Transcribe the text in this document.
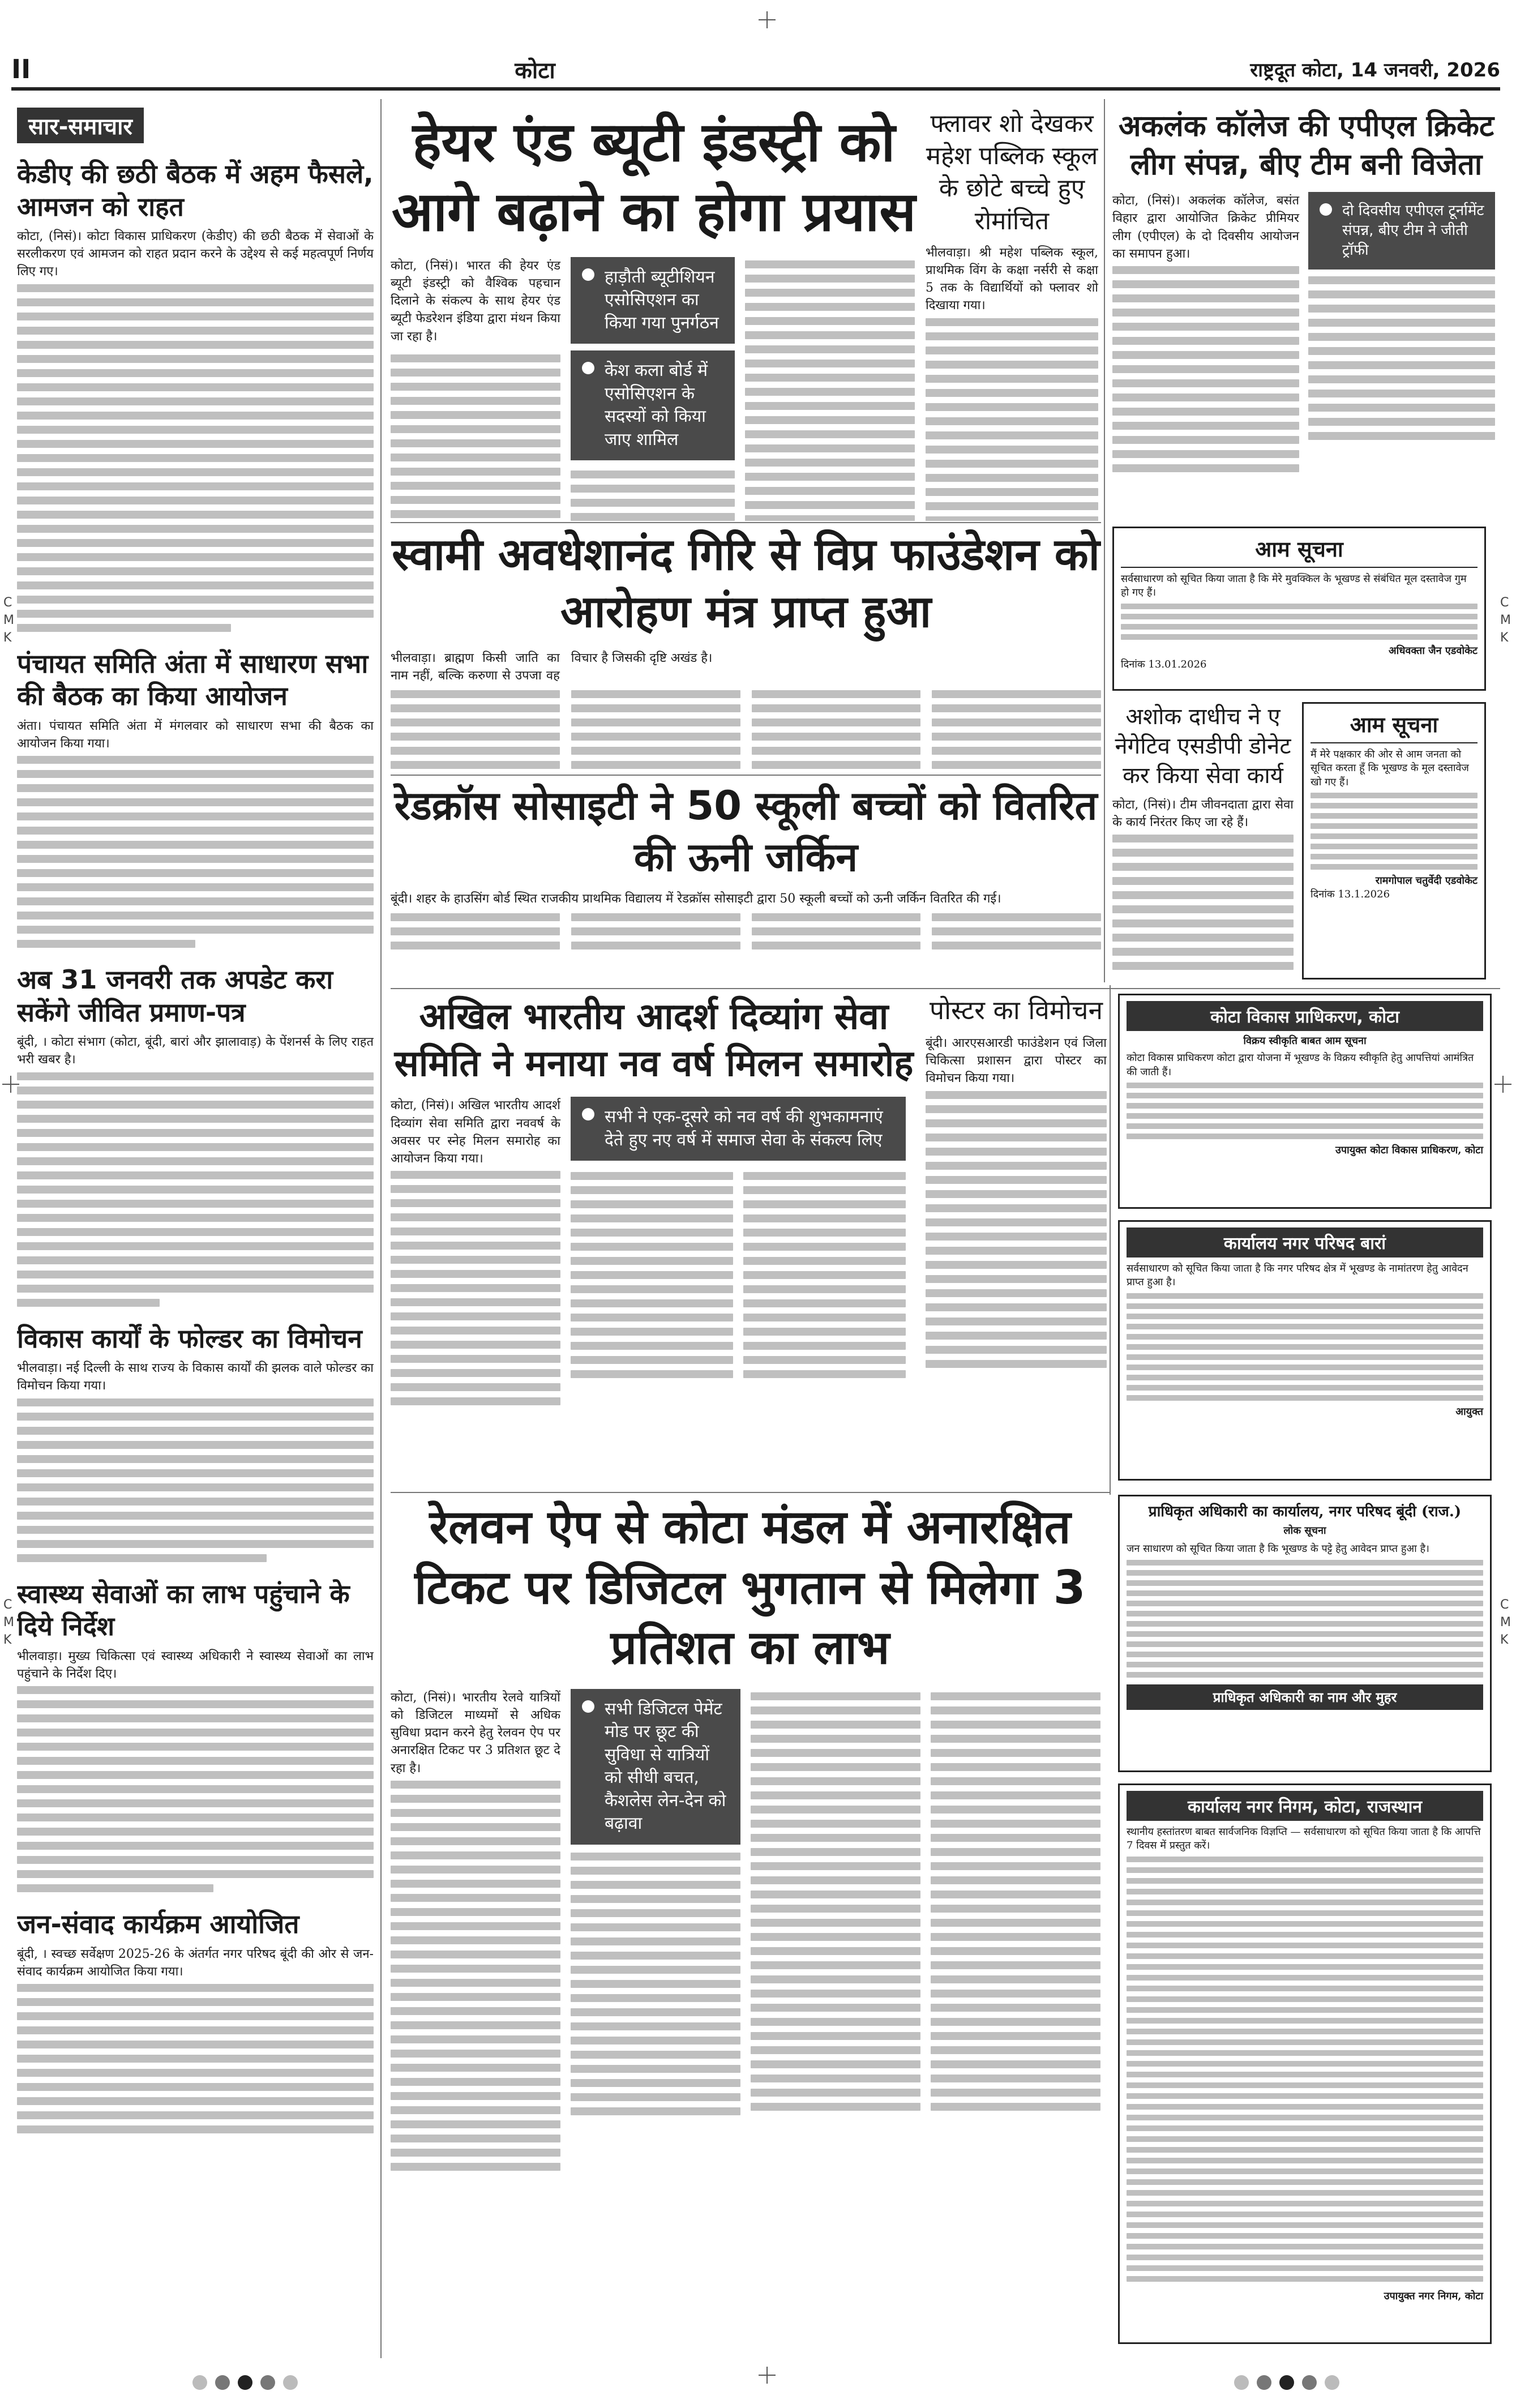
II	कोटा	राष्ट्रदूत कोटा, 14 जनवरी, 2026
C
M
K
C
M
K
C
M
K
C
M
K
सार-समाचार
केडीए की छठी बैठक में अहम फैसले, आमजन को राहत
कोटा, (निसं)। कोटा विकास प्राधिकरण (केडीए) की छठी बैठक में सेवाओं के सरलीकरण एवं आमजन को राहत प्रदान करने के उद्देश्य से कई महत्वपूर्ण निर्णय लिए गए।
पंचायत समिति अंता में साधारण सभा की बैठक का किया आयोजन
अंता। पंचायत समिति अंता में मंगलवार को साधारण सभा की बैठक का आयोजन किया गया।
अब 31 जनवरी तक अपडेट करा सकेंगे जीवित प्रमाण-पत्र
बूंदी, । कोटा संभाग (कोटा, बूंदी, बारां और झालावाड़) के पेंशनर्स के लिए राहत भरी खबर है।
विकास कार्यों के फोल्डर का विमोचन
भीलवाड़ा। नई दिल्ली के साथ राज्य के विकास कार्यों की झलक वाले फोल्डर का विमोचन किया गया।
स्वास्थ्य सेवाओं का लाभ पहुंचाने के दिये निर्देश
भीलवाड़ा। मुख्य चिकित्सा एवं स्वास्थ्य अधिकारी ने स्वास्थ्य सेवाओं का लाभ पहुंचाने के निर्देश दिए।
जन-संवाद कार्यक्रम आयोजित
बूंदी, । स्वच्छ सर्वेक्षण 2025-26 के अंतर्गत नगर परिषद बूंदी की ओर से जन-संवाद कार्यक्रम आयोजित किया गया।
हेयर एंड ब्यूटी इंडस्ट्री को आगे बढ़ाने का होगा प्रयास
कोटा, (निसं)। भारत की हेयर एंड ब्यूटी इंडस्ट्री को वैश्विक पहचान दिलाने के संकल्प के साथ हेयर एंड ब्यूटी फेडरेशन इंडिया द्वारा मंथन किया जा रहा है।
हाड़ौती ब्यूटीशियन एसोसिएशन का किया गया पुनर्गठन
केश कला बोर्ड में एसोसिएशन के सदस्यों को किया जाए शामिल
फ्लावर शो देखकर महेश पब्लिक स्कूल के छोटे बच्चे हुए रोमांचित
भीलवाड़ा। श्री महेश पब्लिक स्कूल, प्राथमिक विंग के कक्षा नर्सरी से कक्षा 5 तक के विद्यार्थियों को फ्लावर शो दिखाया गया।
अकलंक कॉलेज की एपीएल क्रिकेट लीग संपन्न, बीए टीम बनी विजेता
कोटा, (निसं)। अकलंक कॉलेज, बसंत विहार द्वारा आयोजित क्रिकेट प्रीमियर लीग (एपीएल) के दो दिवसीय आयोजन का समापन हुआ।
दो दिवसीय एपीएल टूर्नामेंट संपन्न, बीए टीम ने जीती ट्रॉफी
स्वामी अवधेशानंद गिरि से विप्र फाउंडेशन को आरोहण मंत्र प्राप्त हुआ
भीलवाड़ा। ब्राह्मण किसी जाति का नाम नहीं, बल्कि करुणा से उपजा वह विचार है जिसकी दृष्टि अखंड है।
आम सूचना
सर्वसाधारण को सूचित किया जाता है कि मेरे मुवक्किल के भूखण्ड से संबंधित मूल दस्तावेज गुम हो गए हैं।
अधिवक्ता जैन एडवोकेट
दिनांक 13.01.2026
अशोक दाधीच ने ए नेगेटिव एसडीपी डोनेट कर किया सेवा कार्य
कोटा, (निसं)। टीम जीवनदाता द्वारा सेवा के कार्य निरंतर किए जा रहे हैं।
आम सूचना
मैं मेरे पक्षकार की ओर से आम जनता को सूचित करता हूँ कि भूखण्ड के मूल दस्तावेज खो गए हैं।
रामगोपाल चतुर्वेदी एडवोकेट
दिनांक 13.1.2026
रेडक्रॉस सोसाइटी ने 50 स्कूली बच्चों को वितरित की ऊनी जर्किन
बूंदी। शहर के हाउसिंग बोर्ड स्थित राजकीय प्राथमिक विद्यालय में रेडक्रॉस सोसाइटी द्वारा 50 स्कूली बच्चों को ऊनी जर्किन वितरित की गई।
कोटा विकास प्राधिकरण, कोटा
विक्रय स्वीकृति बाबत आम सूचना
कोटा विकास प्राधिकरण कोटा द्वारा योजना में भूखण्ड के विक्रय स्वीकृति हेतु आपत्तियां आमंत्रित की जाती हैं।
उपायुक्त कोटा विकास प्राधिकरण, कोटा
अखिल भारतीय आदर्श दिव्यांग सेवा समिति ने मनाया नव वर्ष मिलन समारोह
कोटा, (निसं)। अखिल भारतीय आदर्श दिव्यांग सेवा समिति द्वारा नववर्ष के अवसर पर स्नेह मिलन समारोह का आयोजन किया गया।
सभी ने एक-दूसरे को नव वर्ष की शुभकामनाएं देते हुए नए वर्ष में समाज सेवा के संकल्प लिए
पोस्टर का विमोचन
बूंदी। आरएसआरडी फाउंडेशन एवं जिला चिकित्सा प्रशासन द्वारा पोस्टर का विमोचन किया गया।
कार्यालय नगर परिषद बारां
सर्वसाधारण को सूचित किया जाता है कि नगर परिषद क्षेत्र में भूखण्ड के नामांतरण हेतु आवेदन प्राप्त हुआ है।
आयुक्त
प्राधिकृत अधिकारी का कार्यालय, नगर परिषद बूंदी (राज.)
लोक सूचना
जन साधारण को सूचित किया जाता है कि भूखण्ड के पट्टे हेतु आवेदन प्राप्त हुआ है।
प्राधिकृत अधिकारी का नाम और मुहर
रेलवन ऐप से कोटा मंडल में अनारक्षित टिकट पर डिजिटल भुगतान से मिलेगा 3 प्रतिशत का लाभ
कोटा, (निसं)। भारतीय रेलवे यात्रियों को डिजिटल माध्यमों से अधिक सुविधा प्रदान करने हेतु रेलवन ऐप पर अनारक्षित टिकट पर 3 प्रतिशत छूट दे रहा है।
सभी डिजिटल पेमेंट मोड पर छूट की सुविधा से यात्रियों को सीधी बचत, कैशलेस लेन-देन को बढ़ावा
कार्यालय नगर निगम, कोटा, राजस्थान
स्थानीय हस्तांतरण बाबत सार्वजनिक विज्ञप्ति — सर्वसाधारण को सूचित किया जाता है कि आपत्ति 7 दिवस में प्रस्तुत करें।
उपायुक्त नगर निगम, कोटा
